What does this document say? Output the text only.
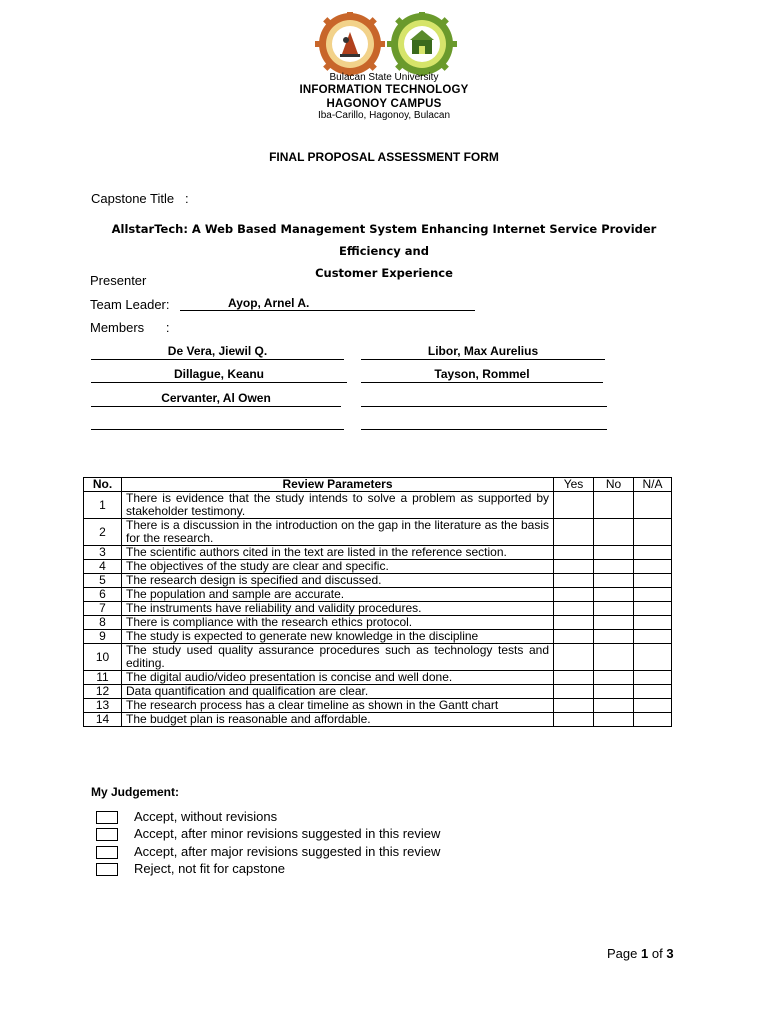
Bulacan State University
INFORMATION TECHNOLOGY
HAGONOY CAMPUS
Iba-Carillo, Hagonoy, Bulacan
FINAL PROPOSAL ASSESSMENT FORM
Capstone Title   :
AllstarTech: A Web Based Management System Enhancing Internet Service Provider Efficiency and
Customer Experience
Presenter
Team Leader:	Ayop, Arnel A.
Members      :
De Vera, Jiewil Q.	Libor, Max Aurelius
Dillague, Keanu	Tayson, Rommel
Cervanter, Al Owen
No.	Review Parameters	Yes	No	N/A
1	There is evidence that the study intends to solve a problem as supported by stakeholder testimony.			
2	There is a discussion in the introduction on the gap in the literature as the basis for the research.			
3	The scientific authors cited in the text are listed in the reference section.			
4	The objectives of the study are clear and specific.			
5	The research design is specified and discussed.			
6	The population and sample are accurate.			
7	The instruments have reliability and validity procedures.			
8	There is compliance with the research ethics protocol.			
9	The study is expected to generate new knowledge in the discipline			
10	The study used quality assurance procedures such as technology tests and editing.			
11	The digital audio/video presentation is concise and well done.			
12	Data quantification and qualification are clear.			
13	The research process has a clear timeline as shown in the Gantt chart			
14	The budget plan is reasonable and affordable.			
My Judgement:
Accept, without revisions
Accept, after minor revisions suggested in this review
Accept, after major revisions suggested in this review
Reject, not fit for capstone
Page 1 of 3
